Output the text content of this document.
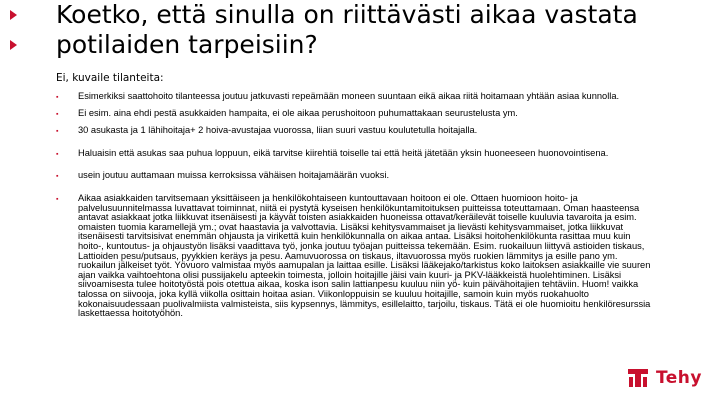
Koetko, että sinulla on riittävästi aikaa vastata potilaiden tarpeisiin?
Ei, kuvaile tilanteita:
▪ Esimerkiksi saattohoito tilanteessa joutuu jatkuvasti repeämään moneen suuntaan eikä aikaa riitä hoitamaan yhtään asiaa kunnolla.
▪ Ei esim. aina ehdi pestä asukkaiden hampaita, ei ole aikaa perushoitoon puhumattakaan seurustelusta ym.
▪ 30 asukasta ja 1 lähihoitaja+ 2 hoiva-avustajaa vuorossa, liian suuri vastuu koulutetulla hoitajalla.
▪ Haluaisin että asukas saa puhua loppuun, eikä tarvitse kiirehtiä toiselle tai että heitä jätetään yksin huoneeseen huonovointisena.
▪ usein joutuu auttamaan muissa kerroksissa vähäisen hoitajamäärän vuoksi.
▪ Aikaa asiakkaiden tarvitsemaan yksittäiseen ja henkilökohtaiseen kuntouttavaan hoitoon ei ole. Ottaen huomioon hoito- ja palvelusuunnitelmassa luvattavat toiminnat, niitä ei pystytä kyseisen henkilökuntamitoituksen puitteissa toteuttamaan. Oman haasteensa antavat asiakkaat jotka liikkuvat itsenäisesti ja käyvät toisten asiakkaiden huoneissa ottavat/keräilevät toiselle kuuluvia tavaroita ja esim. omaisten tuomia karamellejä ym.; ovat haastavia ja valvottavia. Lisäksi kehitysvammaiset ja lievästi kehitysvammaiset, jotka liikkuvat itsenäisesti tarvitsisivat enemmän ohjausta ja virikettä kuin henkilökunnalla on aikaa antaa. Lisäksi hoitohenkilökunta rasittaa muu kuin hoito-, kuntoutus- ja ohjaustyön lisäksi vaadittava työ, jonka joutuu työajan puitteissa tekemään. Esim. ruokailuun liittyvä astioiden tiskaus, Lattioiden pesu/putsaus, pyykkien keräys ja pesu. Aamuvuorossa on tiskaus, iltavuorossa myös ruokien lämmitys ja esille pano ym. ruokailun jälkeiset työt. Yövuoro valmistaa myös aamupalan ja laittaa esille. Lisäksi lääkejako/tarkistus koko laitoksen asiakkaille vie suuren ajan vaikka vaihtoehtona olisi pussijakelu apteekin toimesta, jolloin hoitajille jäisi vain kuuri- ja PKV-lääkkeistä huolehtiminen. Lisäksi siivoamisesta tulee hoitotyöstä pois otettua aikaa, koska ison salin lattianpesu kuuluu niin yö- kuin päivähoitajien tehtäviin. Huom! vaikka talossa on siivooja, joka kyllä viikolla osittain hoitaa asian. Viikonloppuisin se kuuluu hoitajille, samoin kuin myös ruokahuolto kokonaisuudessaan puolivalmiista valmisteista, siis kypsennys, lämmitys, esillelaitto, tarjoilu, tiskaus. Tätä ei ole huomioitu henkilöresurssia laskettaessa hoitotyöhön.
Tehy
